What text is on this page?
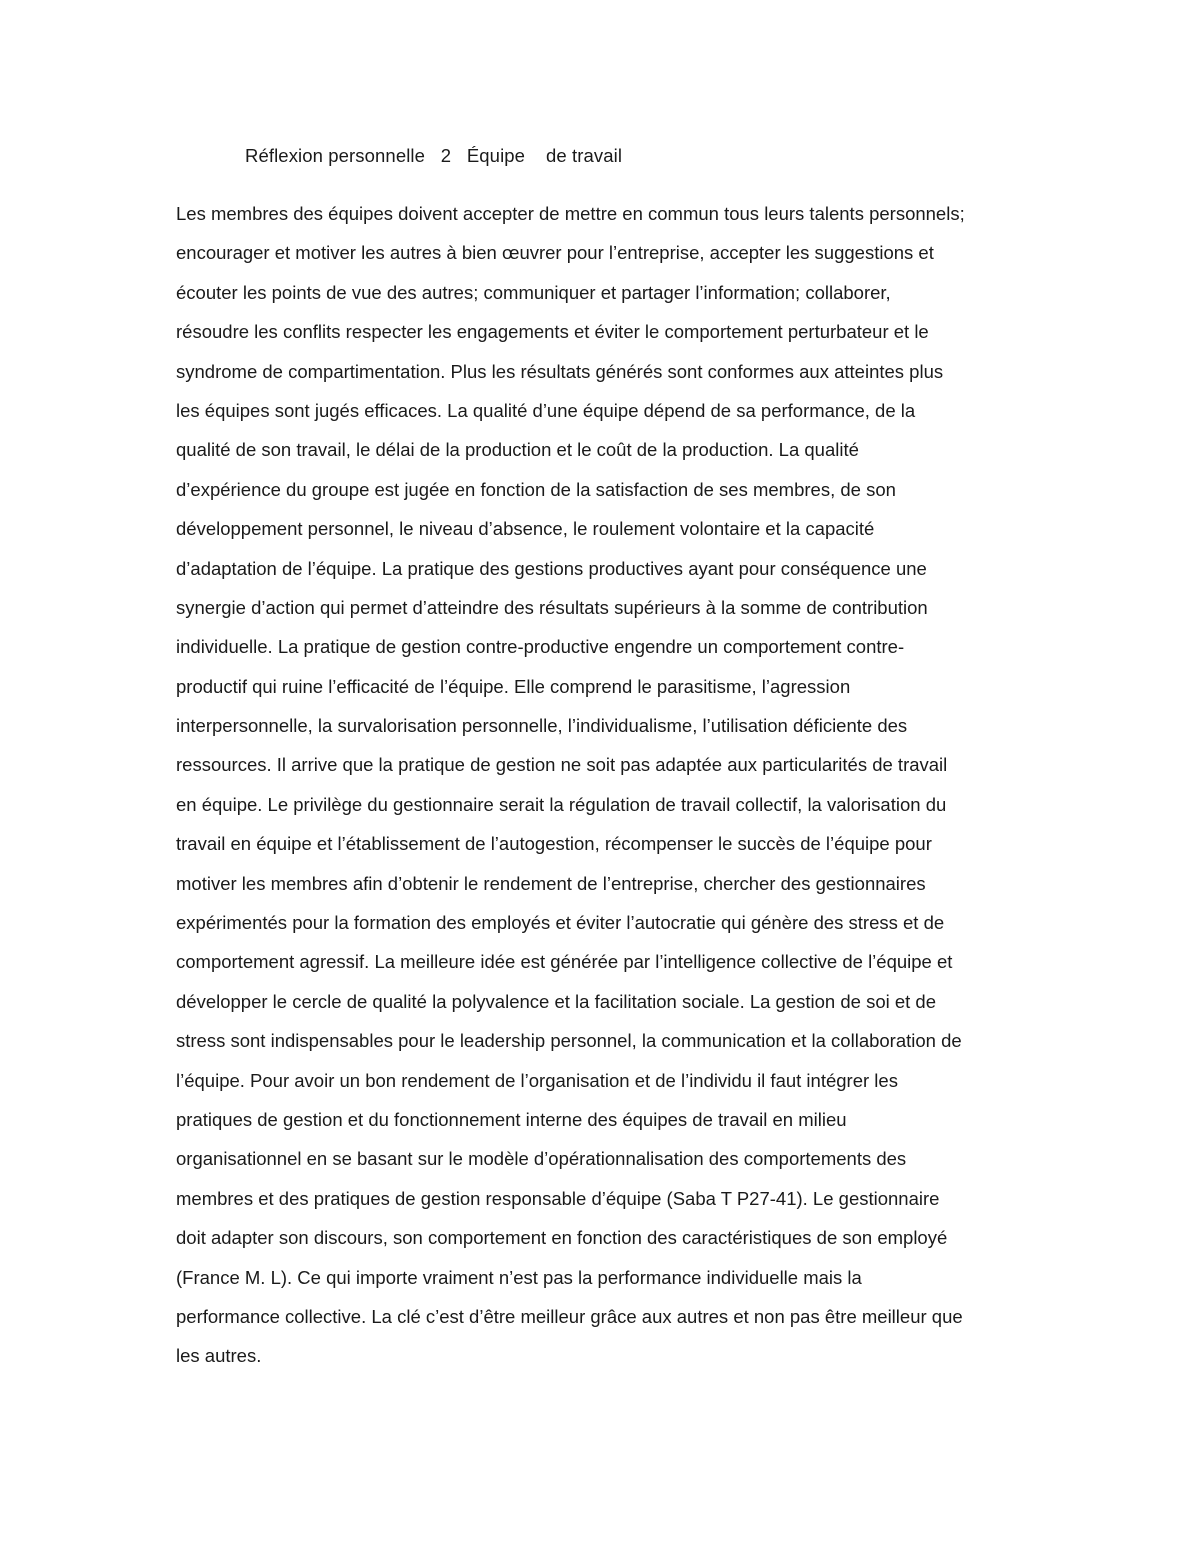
Réflexion personnelle   2   Équipe    de travail
Les membres des équipes doivent accepter de mettre en commun tous leurs talents personnels;
encourager et motiver les autres à bien œuvrer pour l’entreprise, accepter les suggestions et
écouter les points de vue des autres; communiquer et partager l’information; collaborer,
résoudre les conflits respecter les engagements et éviter le comportement perturbateur et le
syndrome de compartimentation. Plus les résultats générés sont conformes aux atteintes plus
les équipes sont jugés efficaces. La qualité d’une équipe dépend de sa performance, de la
qualité de son travail, le délai de la production et le coût de la production. La qualité
d’expérience du groupe est jugée en fonction de la satisfaction de ses membres, de son
développement personnel, le niveau d’absence, le roulement volontaire et la capacité
d’adaptation de l’équipe. La pratique des gestions productives ayant pour conséquence une
synergie d’action qui permet d’atteindre des résultats supérieurs à la somme de contribution
individuelle. La pratique de gestion contre-productive engendre un comportement contre-
productif qui ruine l’efficacité de l’équipe. Elle comprend le parasitisme, l’agression
interpersonnelle, la survalorisation personnelle, l’individualisme, l’utilisation déficiente des
ressources. Il arrive que la pratique de gestion ne soit pas adaptée aux particularités de travail
en équipe. Le privilège du gestionnaire serait la régulation de travail collectif, la valorisation du
travail en équipe et l’établissement de l’autogestion, récompenser le succès de l’équipe pour
motiver les membres afin d’obtenir le rendement de l’entreprise, chercher des gestionnaires
expérimentés pour la formation des employés et éviter l’autocratie qui génère des stress et de
comportement agressif. La meilleure idée est générée par l’intelligence collective de l’équipe et
développer le cercle de qualité la polyvalence et la facilitation sociale. La gestion de soi et de
stress sont indispensables pour le leadership personnel, la communication et la collaboration de
l’équipe. Pour avoir un bon rendement de l’organisation et de l’individu il faut intégrer les
pratiques de gestion et du fonctionnement interne des équipes de travail en milieu
organisationnel en se basant sur le modèle d’opérationnalisation des comportements des
membres et des pratiques de gestion responsable d’équipe (Saba T P27-41). Le gestionnaire
doit adapter son discours, son comportement en fonction des caractéristiques de son employé
(France M. L). Ce qui importe vraiment n’est pas la performance individuelle mais la
performance collective. La clé c’est d’être meilleur grâce aux autres et non pas être meilleur que
les autres.
